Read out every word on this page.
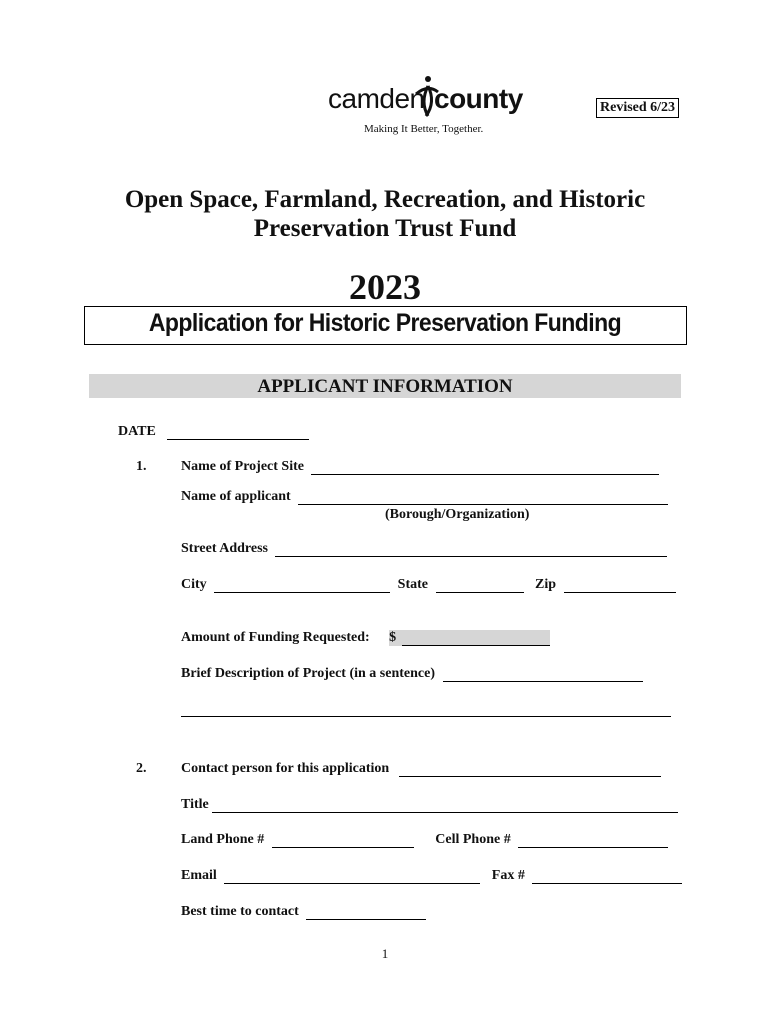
camden county
Making It Better, Together.
Revised 6/23
Open Space, Farmland, Recreation, and Historic
Preservation Trust Fund
2023
Application for Historic Preservation Funding
APPLICANT INFORMATION
DATE
1. Name of Project Site
Name of applicant
(Borough/Organization)
Street Address
City	State	Zip
Amount of Funding Requested: $
Brief Description of Project (in a sentence)
2. Contact person for this application
Title
Land Phone #	Cell Phone #
Email	Fax #
Best time to contact
1
